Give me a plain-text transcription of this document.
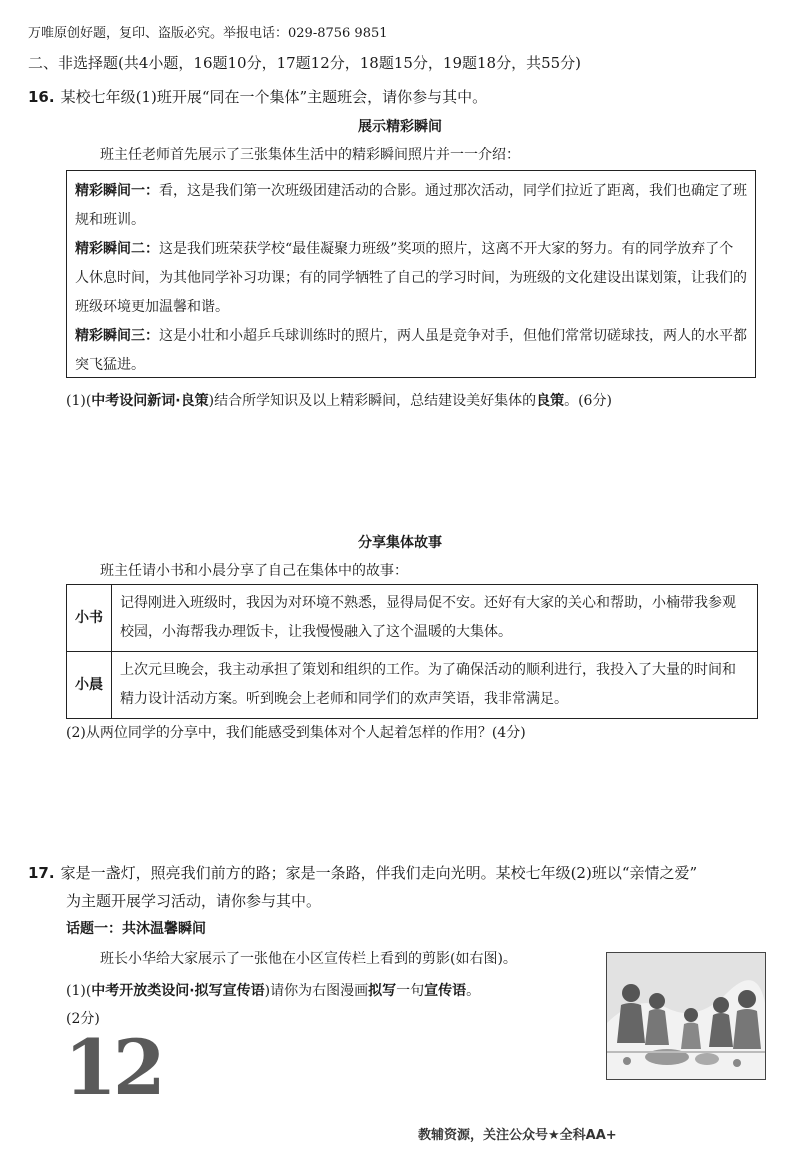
万唯原创好题，复印、盗版必究。举报电话：029-8756 9851
二、非选择题(共4小题，16题10分，17题12分，18题15分，19题18分，共55分)
16. 某校七年级(1)班开展“同在一个集体”主题班会，请你参与其中。
展示精彩瞬间
班主任老师首先展示了三张集体生活中的精彩瞬间照片并一一介绍：
精彩瞬间一：看，这是我们第一次班级团建活动的合影。通过那次活动，同学们拉近了距离，我们也确定了班规和班训。
精彩瞬间二：这是我们班荣获学校“最佳凝聚力班级”奖项的照片，这离不开大家的努力。有的同学放弃了个人休息时间，为其他同学补习功课；有的同学牺牲了自己的学习时间，为班级的文化建设出谋划策，让我们的班级环境更加温馨和谐。
精彩瞬间三：这是小壮和小超乒乓球训练时的照片，两人虽是竞争对手，但他们常常切磋球技，两人的水平都突飞猛进。
(1)(中考设问新词·良策)结合所学知识及以上精彩瞬间，总结建设美好集体的良策。(6分)
分享集体故事
班主任请小书和小晨分享了自己在集体中的故事：
小书	记得刚进入班级时，我因为对环境不熟悉，显得局促不安。还好有大家的关心和帮助，小楠带我参观校园，小海帮我办理饭卡，让我慢慢融入了这个温暖的大集体。
小晨	上次元旦晚会，我主动承担了策划和组织的工作。为了确保活动的顺利进行，我投入了大量的时间和精力设计活动方案。听到晚会上老师和同学们的欢声笑语，我非常满足。
(2)从两位同学的分享中，我们能感受到集体对个人起着怎样的作用？(4分)
17. 家是一盏灯，照亮我们前方的路；家是一条路，伴我们走向光明。某校七年级(2)班以“亲情之爱”
为主题开展学习活动，请你参与其中。
话题一：共沐温馨瞬间
班长小华给大家展示了一张他在小区宣传栏上看到的剪影(如右图)。
(1)(中考开放类设问·拟写宣传语)请你为右图漫画拟写一句宣传语。
(2分)
12
教辅资源，关注公众号★全科AA+
